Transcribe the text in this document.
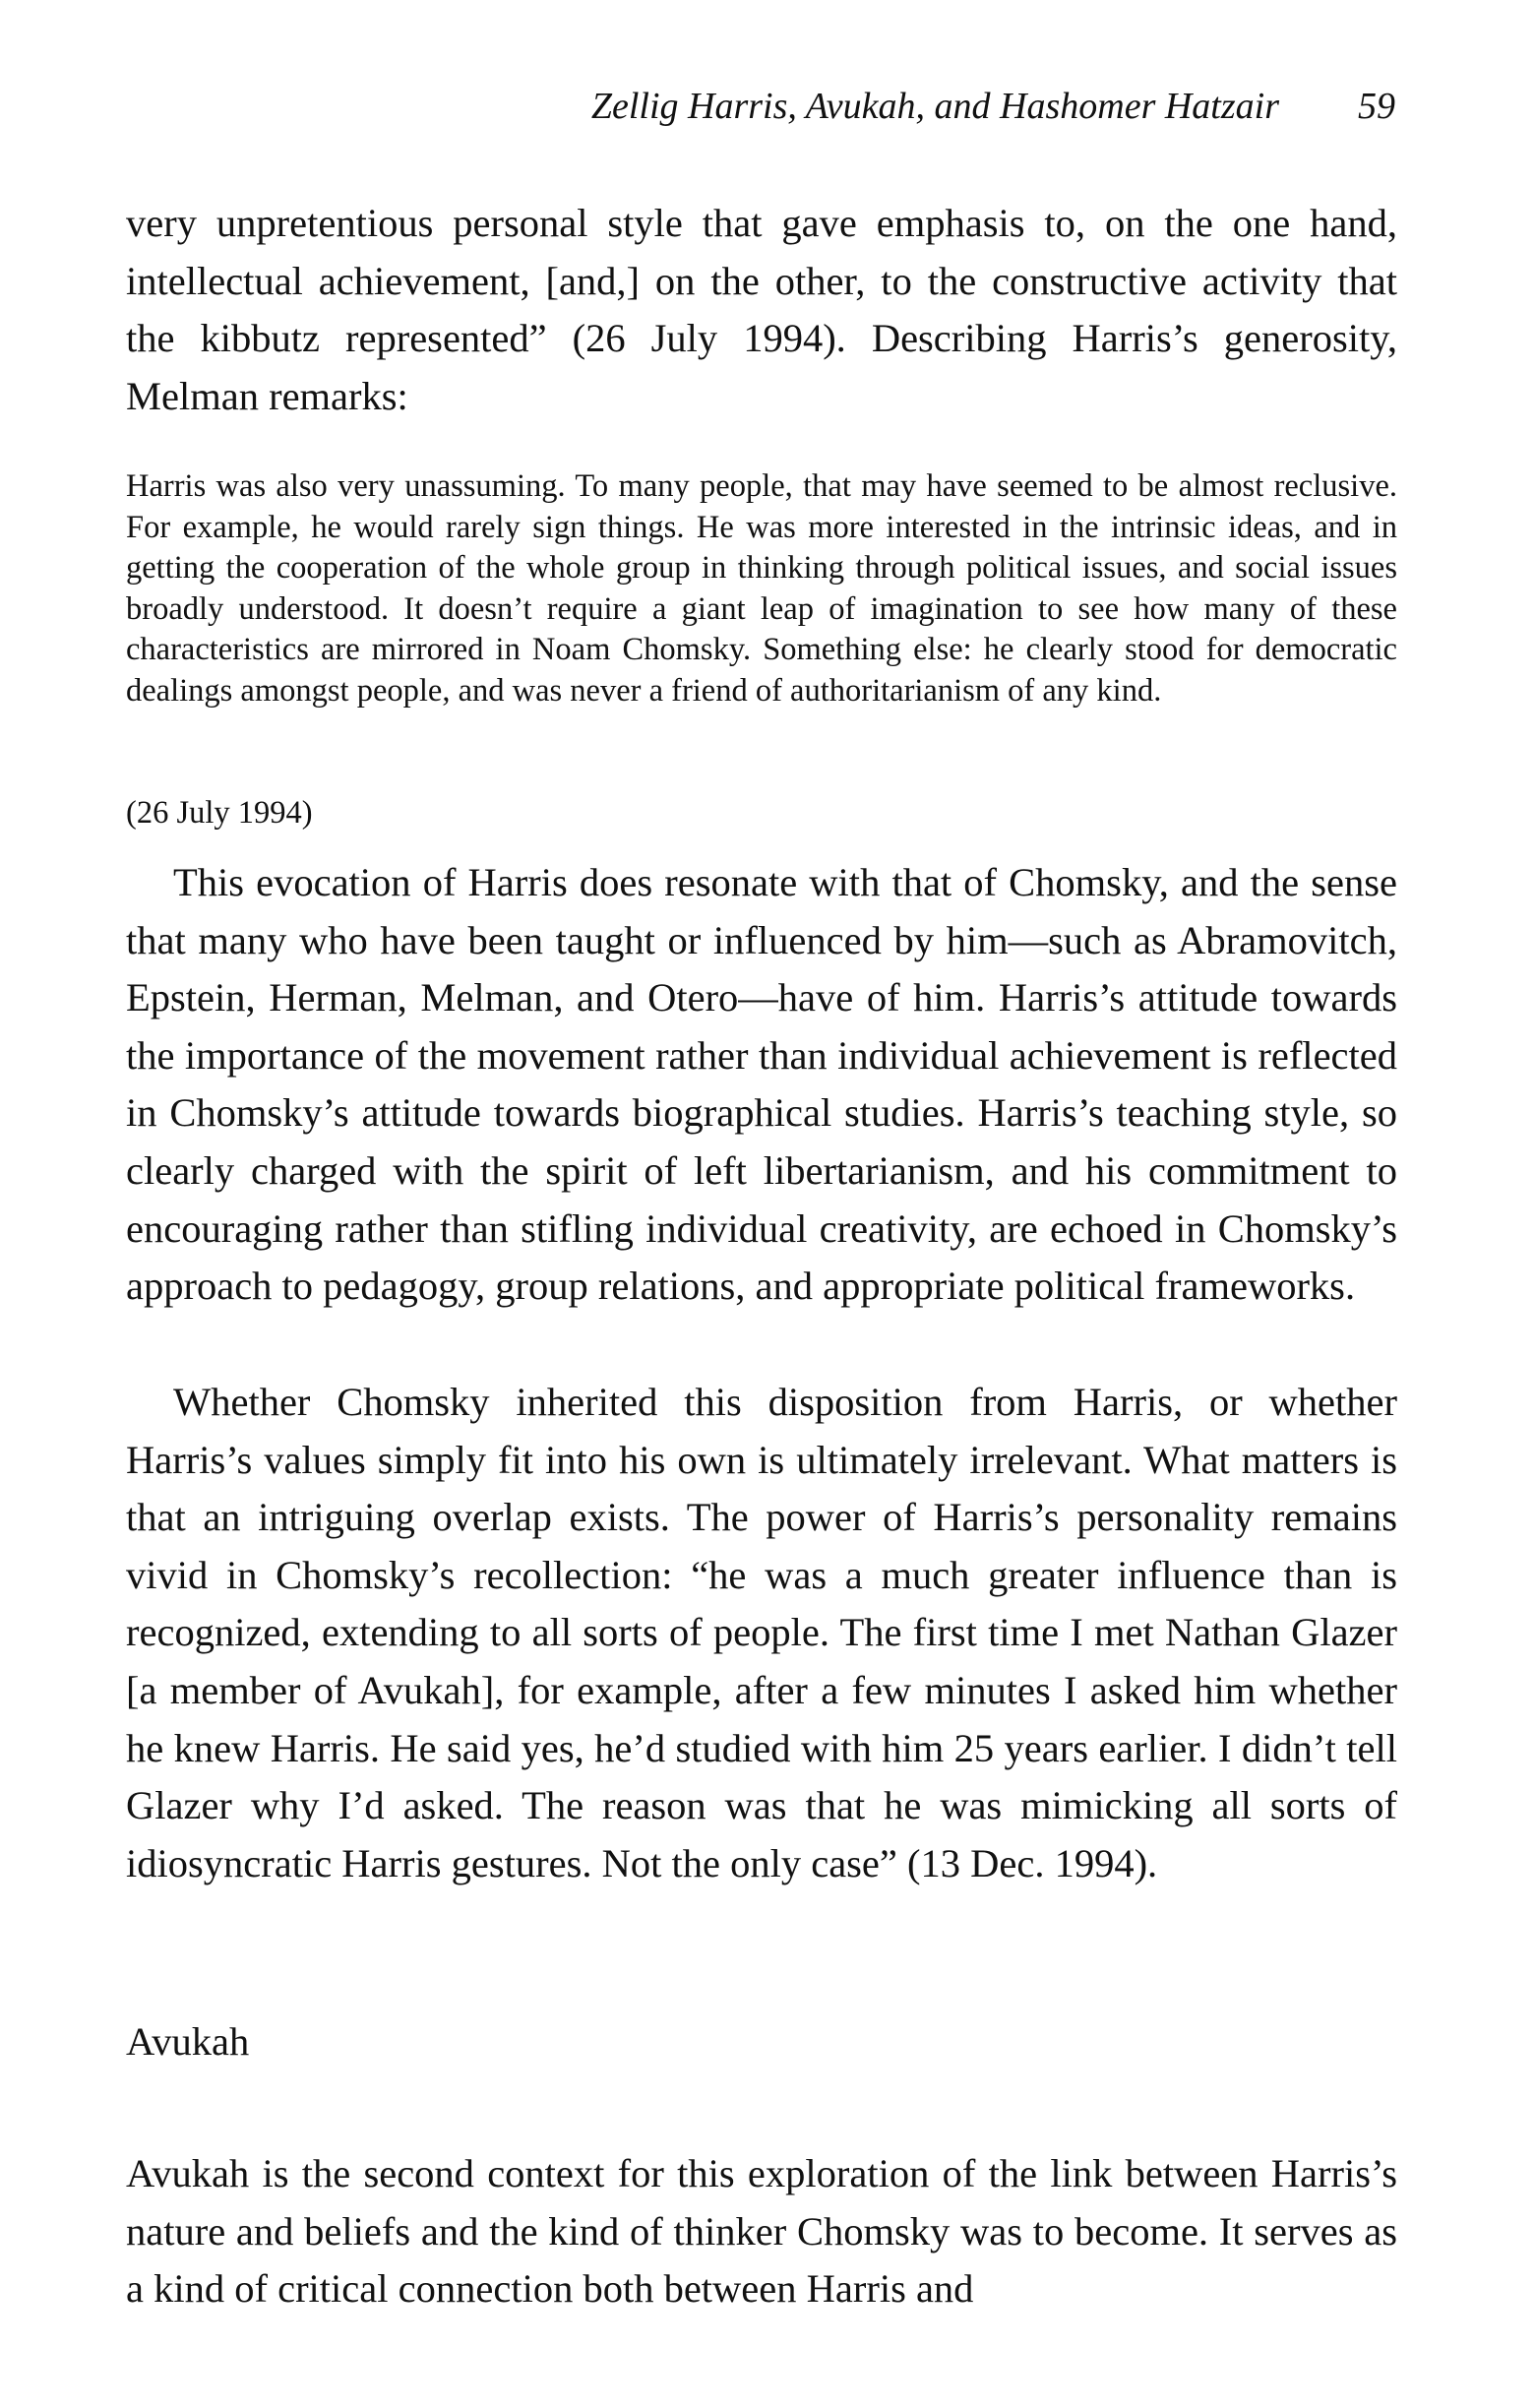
Zellig Harris, Avukah, and Hashomer Hatzair 59

very unpretentious personal style that gave emphasis to, on the one hand, intellectual achievement, [and,] on the other, to the constructive activity that the kibbutz represented” (26 July 1994). Describing Harris’s generosity, Melman remarks:

Harris was also very unassuming. To many people, that may have seemed to be almost reclusive. For example, he would rarely sign things. He was more interested in the intrinsic ideas, and in getting the cooperation of the whole group in thinking through political issues, and social issues broadly understood. It doesn’t require a giant leap of imagination to see how many of these characteristics are mirrored in Noam Chomsky. Something else: he clearly stood for democratic dealings amongst people, and was never a friend of authoritarianism of any kind.

(26 July 1994)

This evocation of Harris does resonate with that of Chomsky, and the sense that many who have been taught or influenced by him—such as Abramovitch, Epstein, Herman, Melman, and Otero—have of him. Harris’s attitude towards the importance of the movement rather than individual achievement is reflected in Chomsky’s attitude towards biographical studies. Harris’s teaching style, so clearly charged with the spirit of left libertarianism, and his commitment to encouraging rather than stifling individual creativity, are echoed in Chomsky’s approach to pedagogy, group relations, and appropriate political frameworks.

Whether Chomsky inherited this disposition from Harris, or whether Harris’s values simply fit into his own is ultimately irrelevant. What matters is that an intriguing overlap exists. The power of Harris’s personality remains vivid in Chomsky’s recollection: “he was a much greater influence than is recognized, extending to all sorts of people. The first time I met Nathan Glazer [a member of Avukah], for example, after a few minutes I asked him whether he knew Harris. He said yes, he’d studied with him 25 years earlier. I didn’t tell Glazer why I’d asked. The reason was that he was mimicking all sorts of idiosyncratic Harris gestures. Not the only case” (13 Dec. 1994).

Avukah

Avukah is the second context for this exploration of the link between Harris’s nature and beliefs and the kind of thinker Chomsky was to become. It serves as a kind of critical connection both between Harris and
